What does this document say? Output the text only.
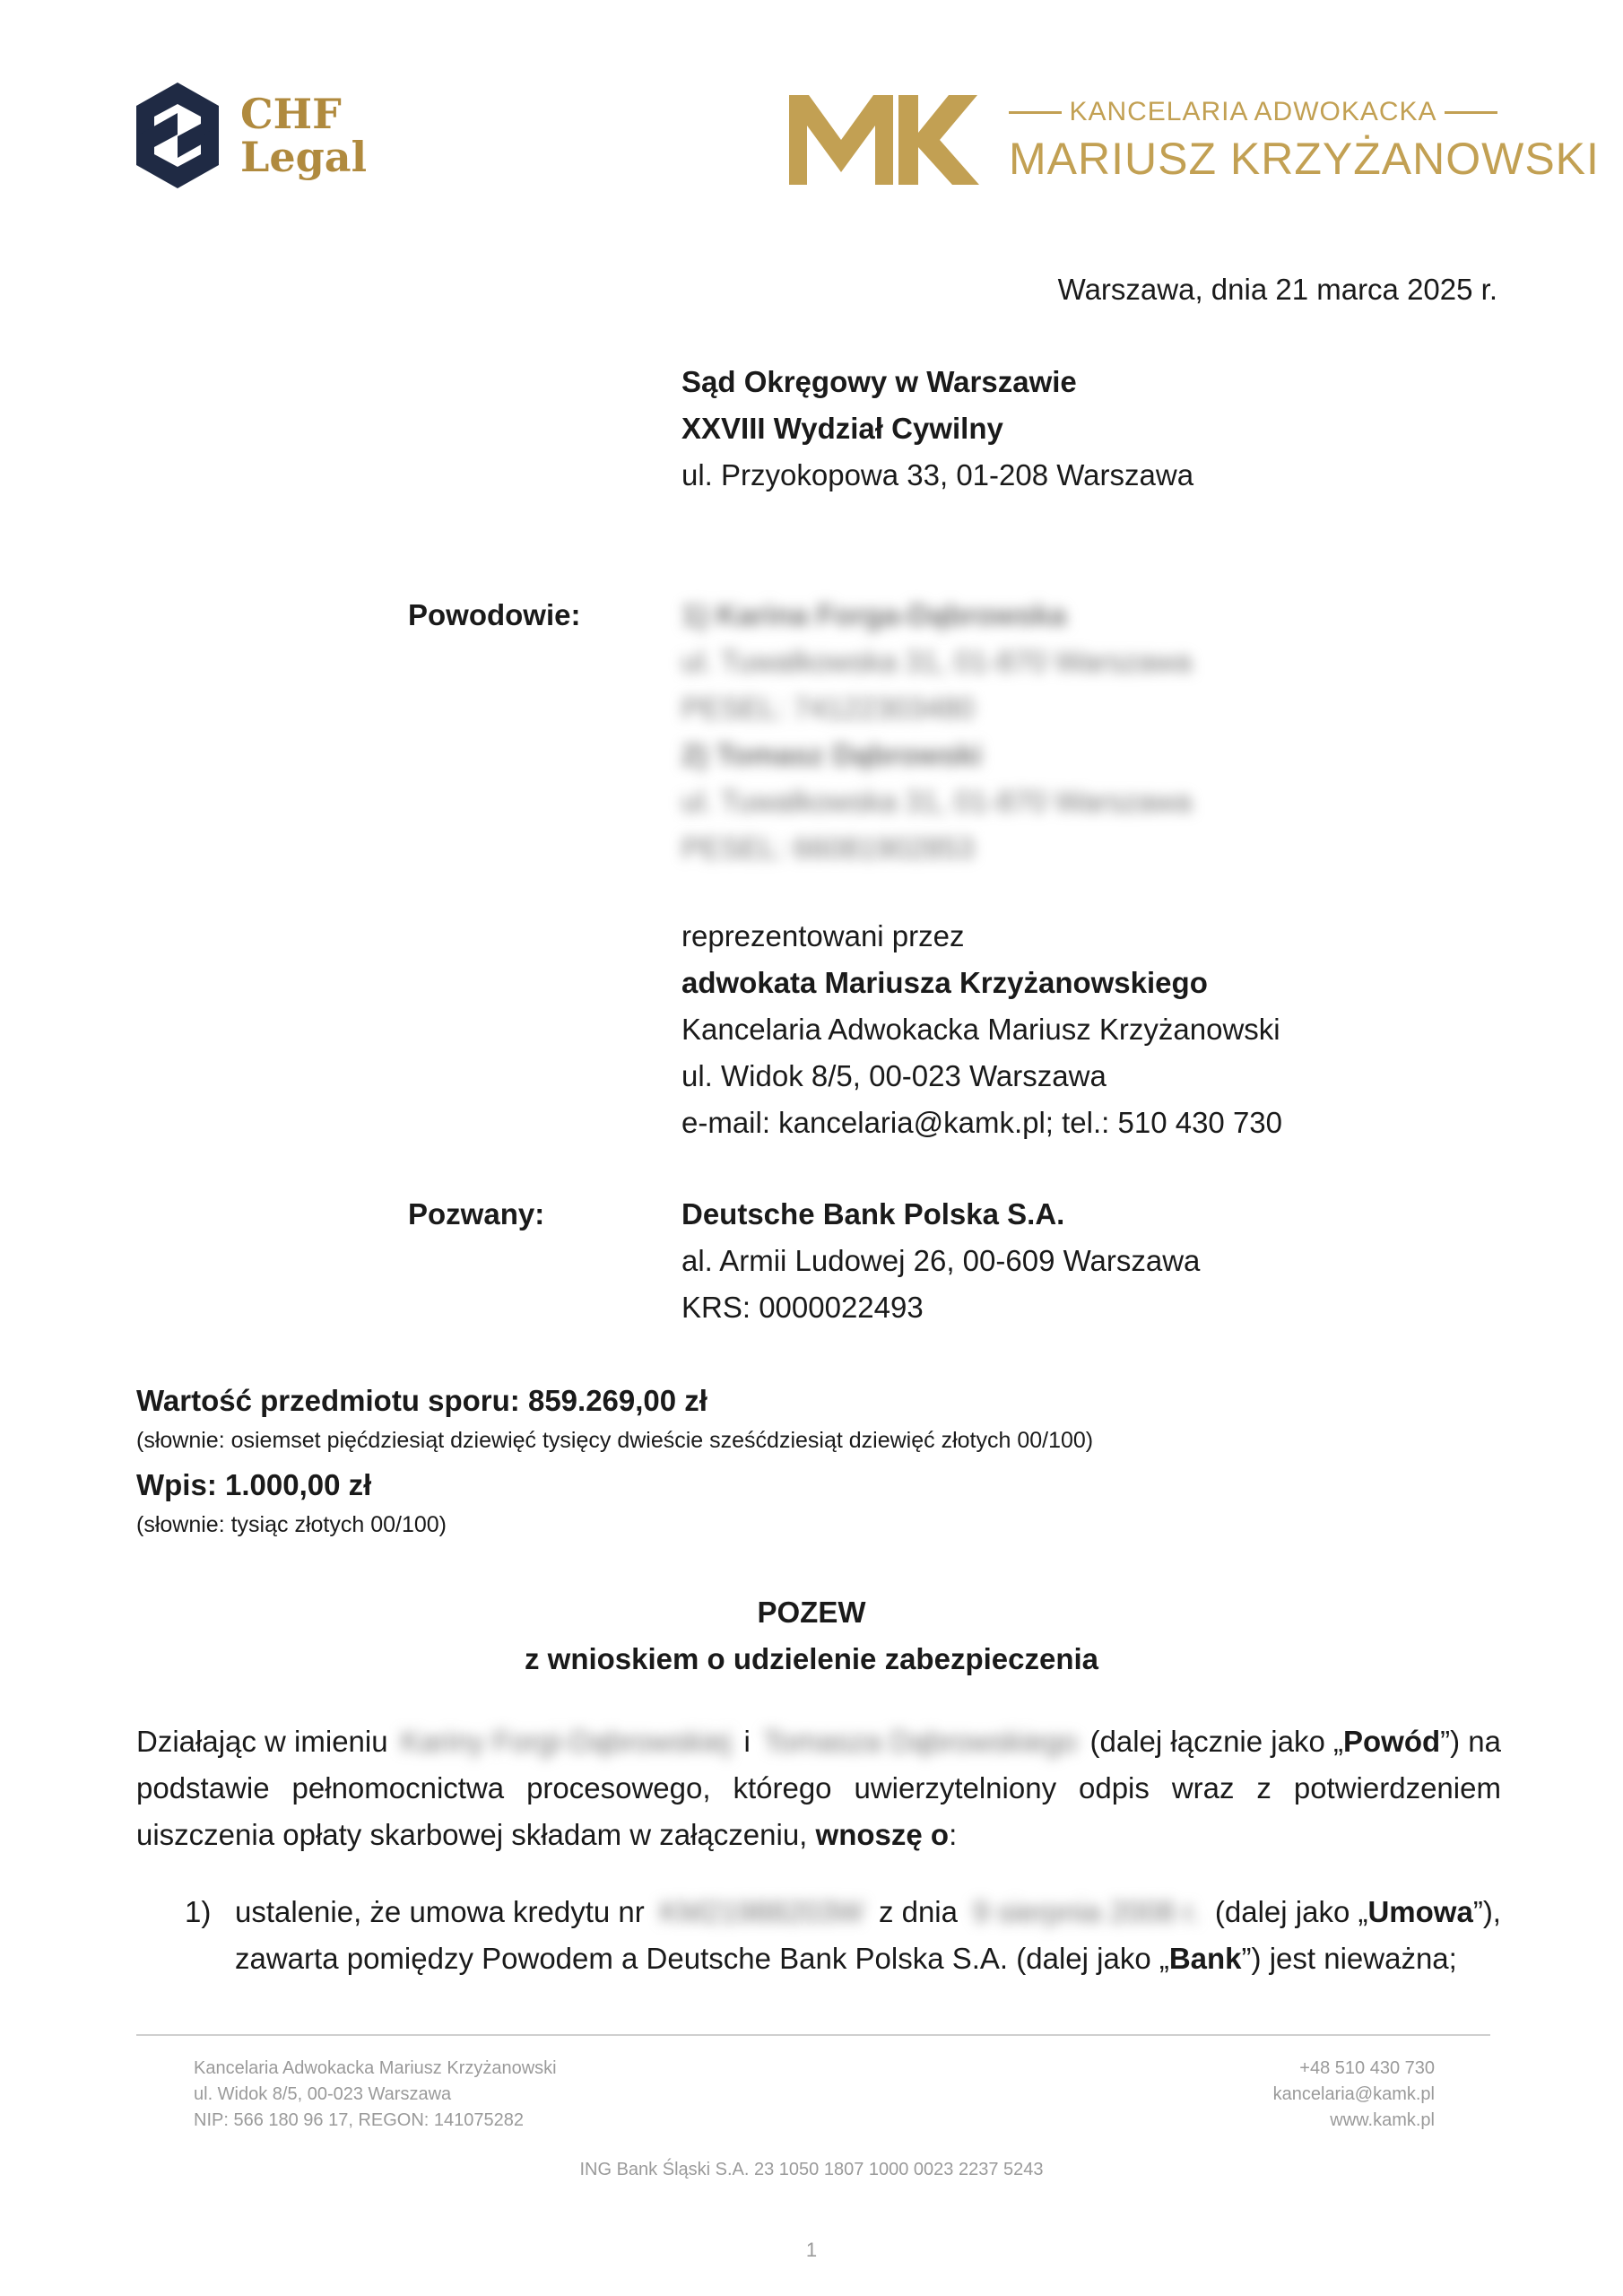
CHF
Legal
KANCELARIA ADWOKACKA
MARIUSZ KRZYŻANOWSKI
Warszawa, dnia 21 marca 2025 r.
Sąd Okręgowy w Warszawie
XXVIII Wydział Cywilny
ul. Przyokopowa 33, 01-208 Warszawa
Powodowie:	1) Karina Forga-Dąbrowska
ul. Tuwalkowska 31, 01-870 Warszawa
PESEL: 74122303480
2) Tomasz Dąbrowski
ul. Tuwalkowska 31, 01-870 Warszawa
PESEL: 66081902853
reprezentowani przez
adwokata Mariusza Krzyżanowskiego
Kancelaria Adwokacka Mariusz Krzyżanowski
ul. Widok 8/5, 00-023 Warszawa
e-mail: kancelaria@kamk.pl; tel.: 510 430 730
Pozwany:	Deutsche Bank Polska S.A.
al. Armii Ludowej 26, 00-609 Warszawa
KRS: 0000022493
Wartość przedmiotu sporu: 859.269,00 zł
(słownie: osiemset pięćdziesiąt dziewięć tysięcy dwieście sześćdziesiąt dziewięć złotych 00/100)
Wpis: 1.000,00 zł
(słownie: tysiąc złotych 00/100)
POZEW
z wnioskiem o udzielenie zabezpieczenia
Działając w imieniu Kariny Forgi-Dąbrowskiej i Tomasza Dąbrowskiego (dalej łącznie jako „Powód”) na
podstawie pełnomocnictwa procesowego, którego uwierzytelniony odpis wraz z potwierdzeniem
uiszczenia opłaty skarbowej składam w załączeniu, wnoszę o:
1) ustalenie, że umowa kredytu nr KM21988203W z dnia 9 sierpnia 2008 r. (dalej jako „Umowa”),
zawarta pomiędzy Powodem a Deutsche Bank Polska S.A. (dalej jako „Bank”) jest nieważna;
Kancelaria Adwokacka Mariusz Krzyżanowski
ul. Widok 8/5, 00-023 Warszawa
NIP: 566 180 96 17, REGON: 141075282
+48 510 430 730
kancelaria@kamk.pl
www.kamk.pl
ING Bank Śląski S.A. 23 1050 1807 1000 0023 2237 5243
1
